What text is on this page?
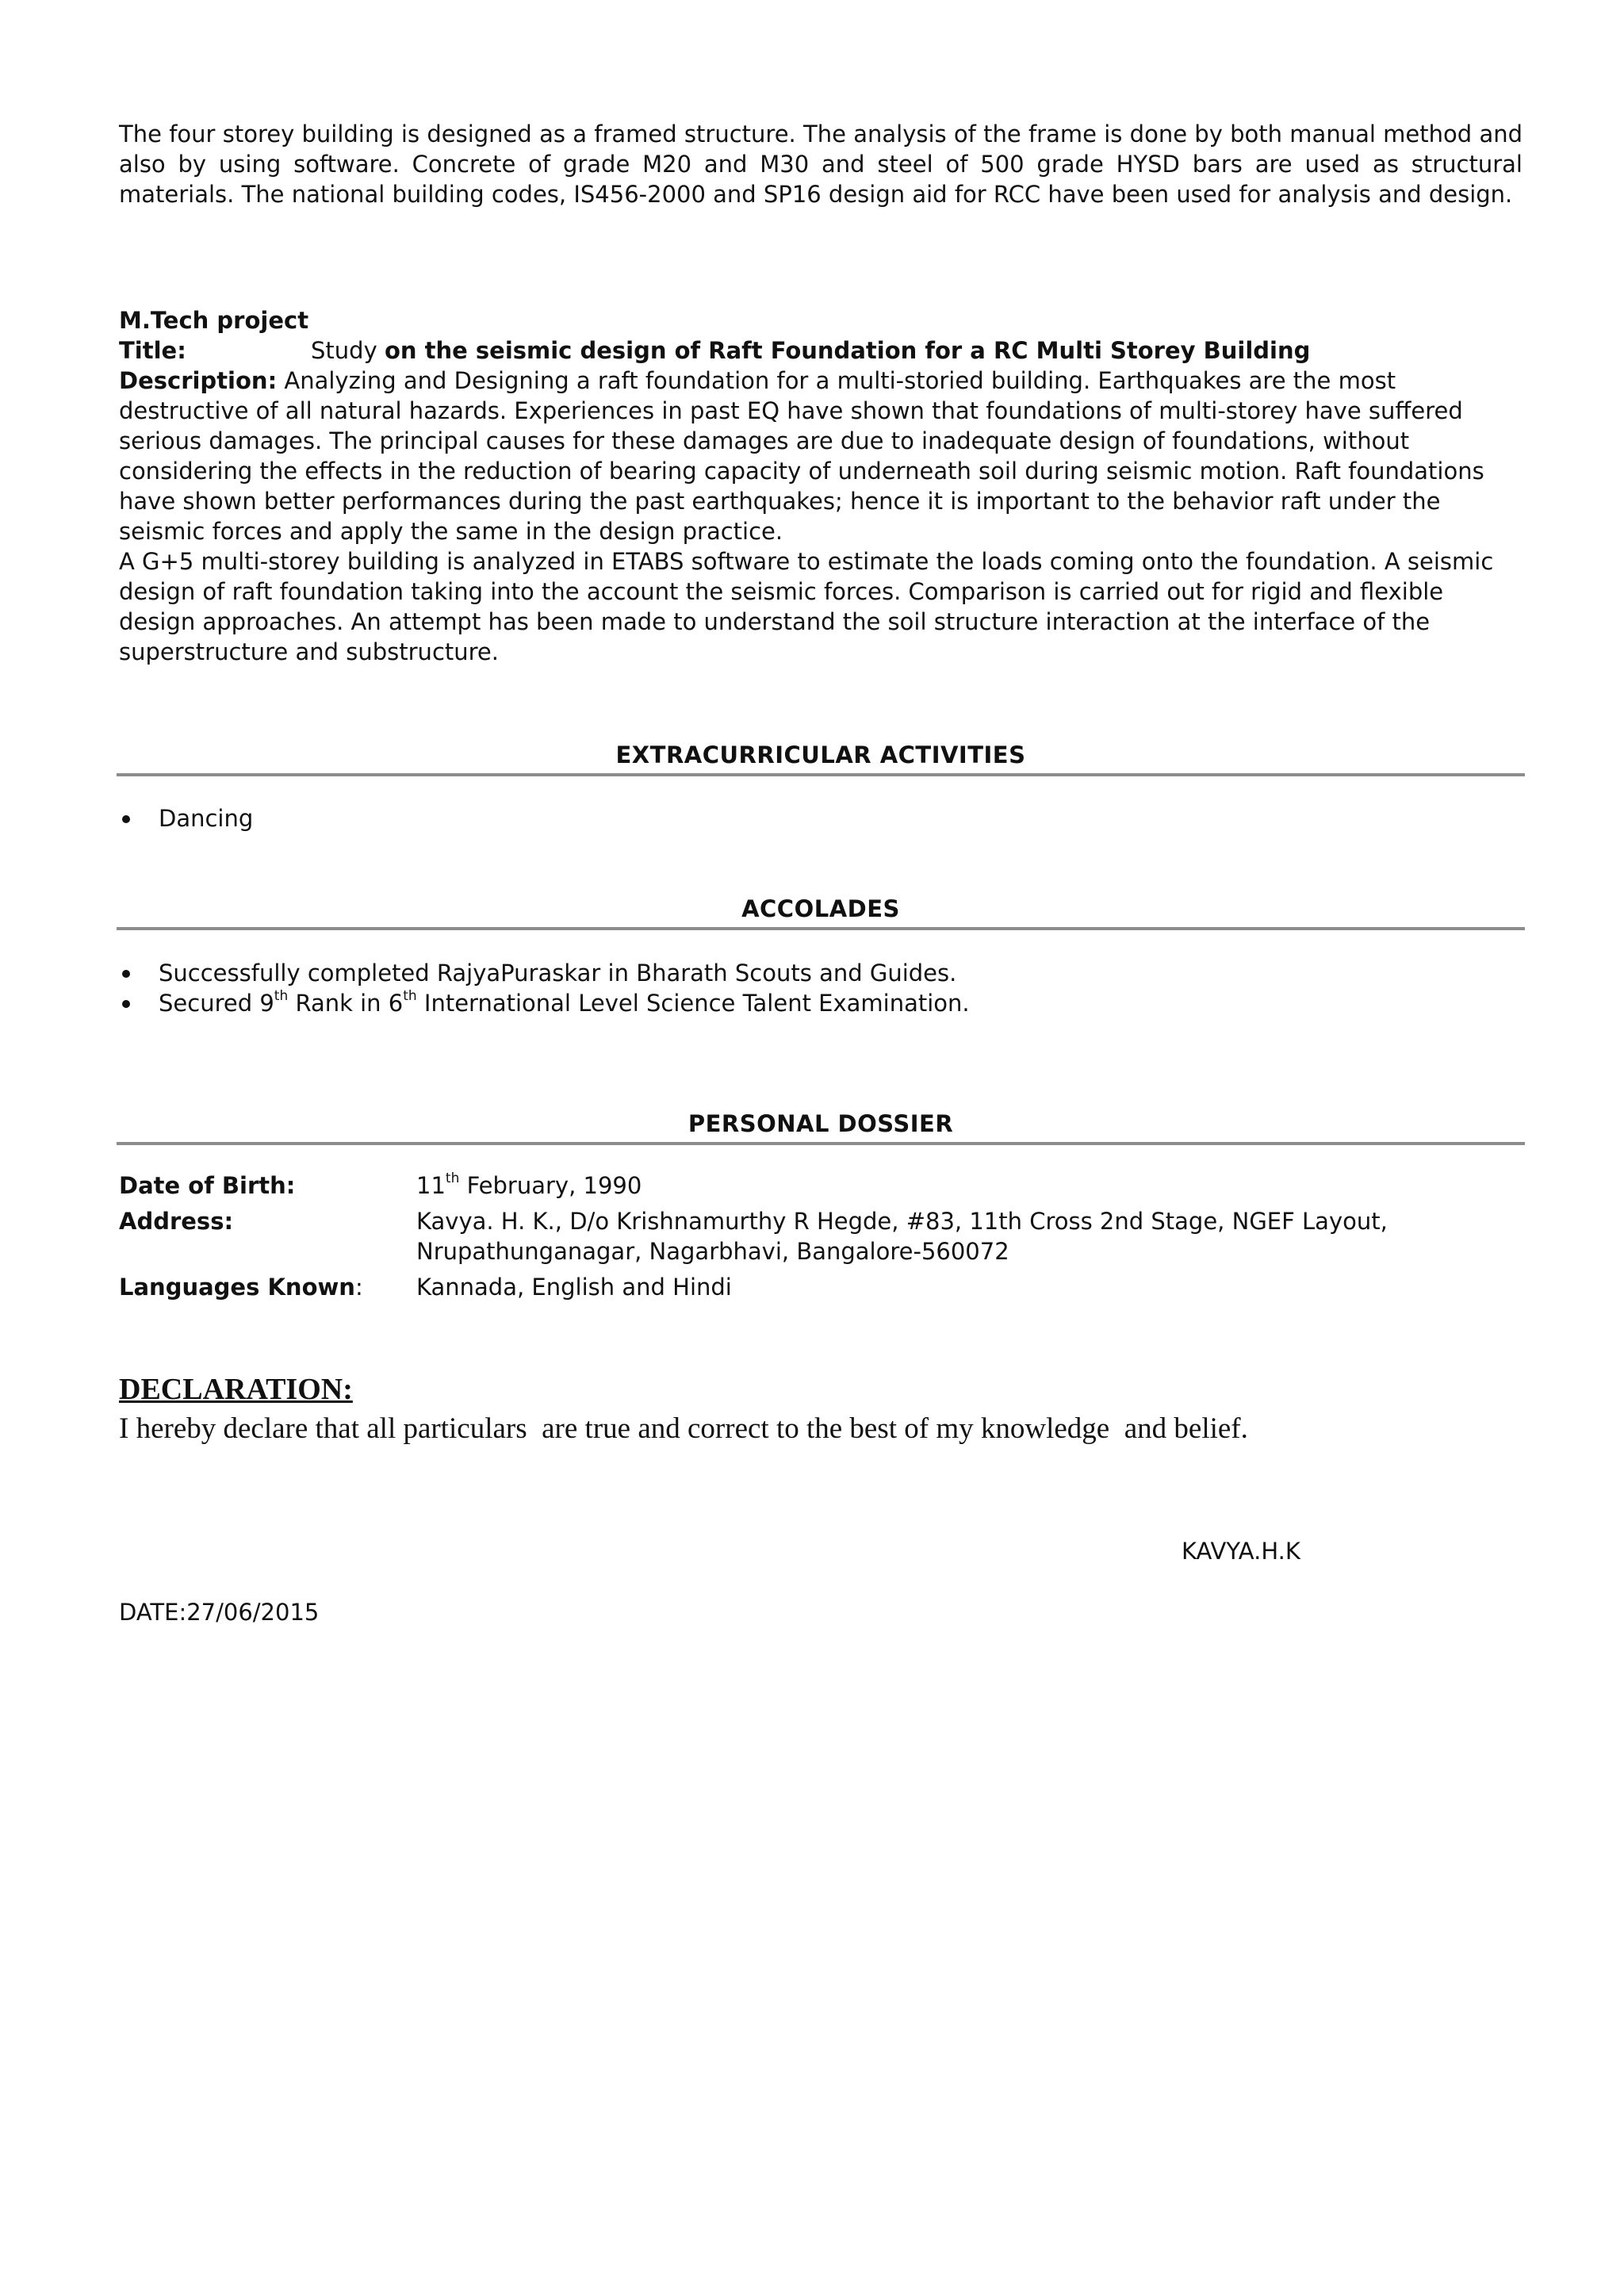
The four storey building is designed as a framed structure. The analysis of the frame is done by both manual method and also by using software. Concrete of grade M20 and M30 and steel of 500 grade HYSD bars are used as structural materials. The national building codes, IS456-2000 and SP16 design aid for RCC have been used for analysis and design.

M.Tech project
Title:	Study on the seismic design of Raft Foundation for a RC Multi Storey Building

Description: Analyzing and Designing a raft foundation for a multi-storied building. Earthquakes are the most destructive of all natural hazards. Experiences in past EQ have shown that foundations of multi-storey have suffered serious damages. The principal causes for these damages are due to inadequate design of foundations, without considering the effects in the reduction of bearing capacity of underneath soil during seismic motion. Raft foundations have shown better performances during the past earthquakes; hence it is important to the behavior raft under the seismic forces and apply the same in the design practice.

A G+5 multi-storey building is analyzed in ETABS software to estimate the loads coming onto the foundation. A seismic design of raft foundation taking into the account the seismic forces. Comparison is carried out for rigid and flexible design approaches. An attempt has been made to understand the soil structure interaction at the interface of the superstructure and substructure.

EXTRACURRICULAR ACTIVITIES
Dancing
ACCOLADES
Successfully completed RajyaPuraskar in Bharath Scouts and Guides.
Secured 9th Rank in 6th International Level Science Talent Examination.
PERSONAL DOSSIER
Date of Birth:	11th February, 1990
Address:	Kavya. H. K., D/o Krishnamurthy R Hegde, #83, 11th Cross 2nd Stage, NGEF Layout,
Nrupathunganagar, Nagarbhavi, Bangalore-560072
Languages Known:	Kannada, English and Hindi
DECLARATION:
I hereby declare that all particulars  are true and correct to the best of my knowledge  and belief.
KAVYA.H.K
DATE:27/06/2015
